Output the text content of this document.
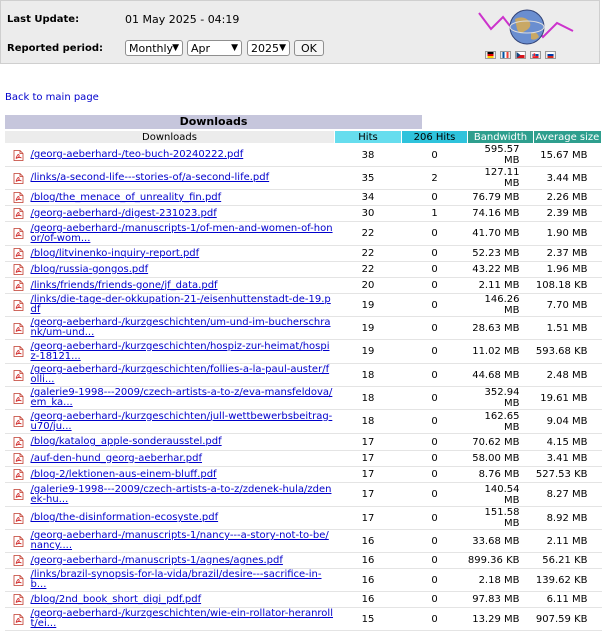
Last Update:	01 May 2025 - 04:19
Reported period:	Monthly ▼	Apr ▼	2025 ▼	OK
Back to main page
Downloads
Downloads	Hits	206 Hits	Bandwidth	Average size

/georg-aeberhard-/teo-buch-20240222.pdf	38	0	595.57 MB	15.67 MB

/links/a-second-life---stories-of/a-second-life.pdf	35	2	127.11 MB	3.44 MB

/blog/the_menace_of_unreality_fin.pdf	34	0	76.79 MB	2.26 MB

/georg-aeberhard-/digest-231023.pdf	30	1	74.16 MB	2.39 MB

/georg-aeberhard-/manuscripts-1/of-men-and-women-of-honor/of-wom...	22	0	41.70 MB	1.90 MB

/blog/litvinenko-inquiry-report.pdf	22	0	52.23 MB	2.37 MB

/blog/russia-gongos.pdf	22	0	43.22 MB	1.96 MB

/links/friends/friends-gone/jf_data.pdf	20	0	2.11 MB	108.18 KB

/links/die-tage-der-okkupation-21-/eisenhuttenstadt-de-19.pdf	19	0	146.26 MB	7.70 MB

/georg-aeberhard-/kurzgeschichten/um-und-im-bucherschrank/um-und...	19	0	28.63 MB	1.51 MB

/georg-aeberhard-/kurzgeschichten/hospiz-zur-heimat/hospiz-18121...	19	0	11.02 MB	593.68 KB

/georg-aeberhard-/kurzgeschichten/follies-a-la-paul-auster/folli...	18	0	44.68 MB	2.48 MB

/galerie9-1998---2009/czech-artists-a-to-z/eva-mansfeldova/em_ka...	18	0	352.94 MB	19.61 MB

/georg-aeberhard-/kurzgeschichten/jull-wettbewerbsbeitrag-u70/ju...	18	0	162.65 MB	9.04 MB

/blog/katalog_apple-sonderausstel.pdf	17	0	70.62 MB	4.15 MB

/auf-den-hund_georg-aeberhar.pdf	17	0	58.00 MB	3.41 MB

/blog-2/lektionen-aus-einem-bluff.pdf	17	0	8.76 MB	527.53 KB

/galerie9-1998---2009/czech-artists-a-to-z/zdenek-hula/zdenek-hu...	17	0	140.54 MB	8.27 MB

/blog/the-disinformation-ecosyste.pdf	17	0	151.58 MB	8.92 MB

/georg-aeberhard-/manuscripts-1/nancy---a-story-not-to-be/nancy....	16	0	33.68 MB	2.11 MB

/georg-aeberhard-/manuscripts-1/agnes/agnes.pdf	16	0	899.36 KB	56.21 KB

/links/brazil-synopsis-for-la-vida/brazil/desire---sacrifice-in-b...	16	0	2.18 MB	139.62 KB

/blog/2nd_book_short_digi_pdf.pdf	16	0	97.83 MB	6.11 MB

/georg-aeberhard-/kurzgeschichten/wie-ein-rollator-heranrollt/ei...	15	0	13.29 MB	907.59 KB
